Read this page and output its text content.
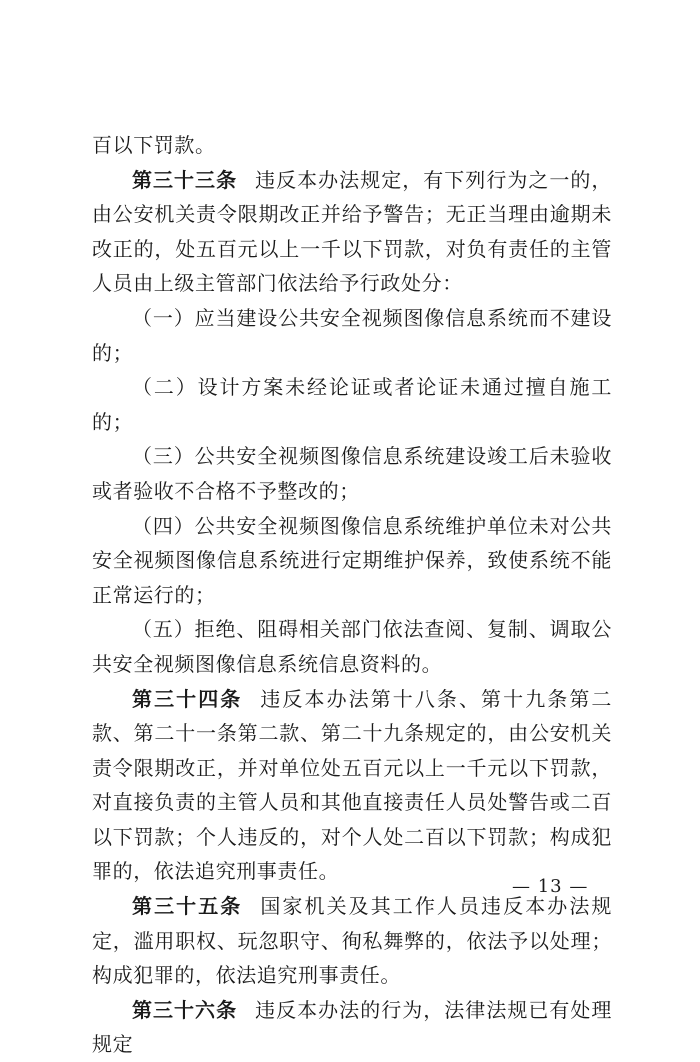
百以下罚款。

第三十三条 违反本办法规定，有下列行为之一的，由公安机关责令限期改正并给予警告；无正当理由逾期未改正的，处五百元以上一千以下罚款，对负有责任的主管人员由上级主管部门依法给予行政处分：

（一）应当建设公共安全视频图像信息系统而不建设的；

（二）设计方案未经论证或者论证未通过擅自施工的；

（三）公共安全视频图像信息系统建设竣工后未验收或者验收不合格不予整改的；

（四）公共安全视频图像信息系统维护单位未对公共安全视频图像信息系统进行定期维护保养，致使系统不能正常运行的；

（五）拒绝、阻碍相关部门依法查阅、复制、调取公共安全视频图像信息系统信息资料的。

第三十四条 违反本办法第十八条、第十九条第二款、第二十一条第二款、第二十九条规定的，由公安机关责令限期改正，并对单位处五百元以上一千元以下罚款，对直接负责的主管人员和其他直接责任人员处警告或二百以下罚款；个人违反的，对个人处二百以下罚款；构成犯罪的，依法追究刑事责任。

第三十五条 国家机关及其工作人员违反本办法规定，滥用职权、玩忽职守、徇私舞弊的，依法予以处理；构成犯罪的，依法追究刑事责任。

第三十六条 违反本办法的行为，法律法规已有处理规定

— 13 —
